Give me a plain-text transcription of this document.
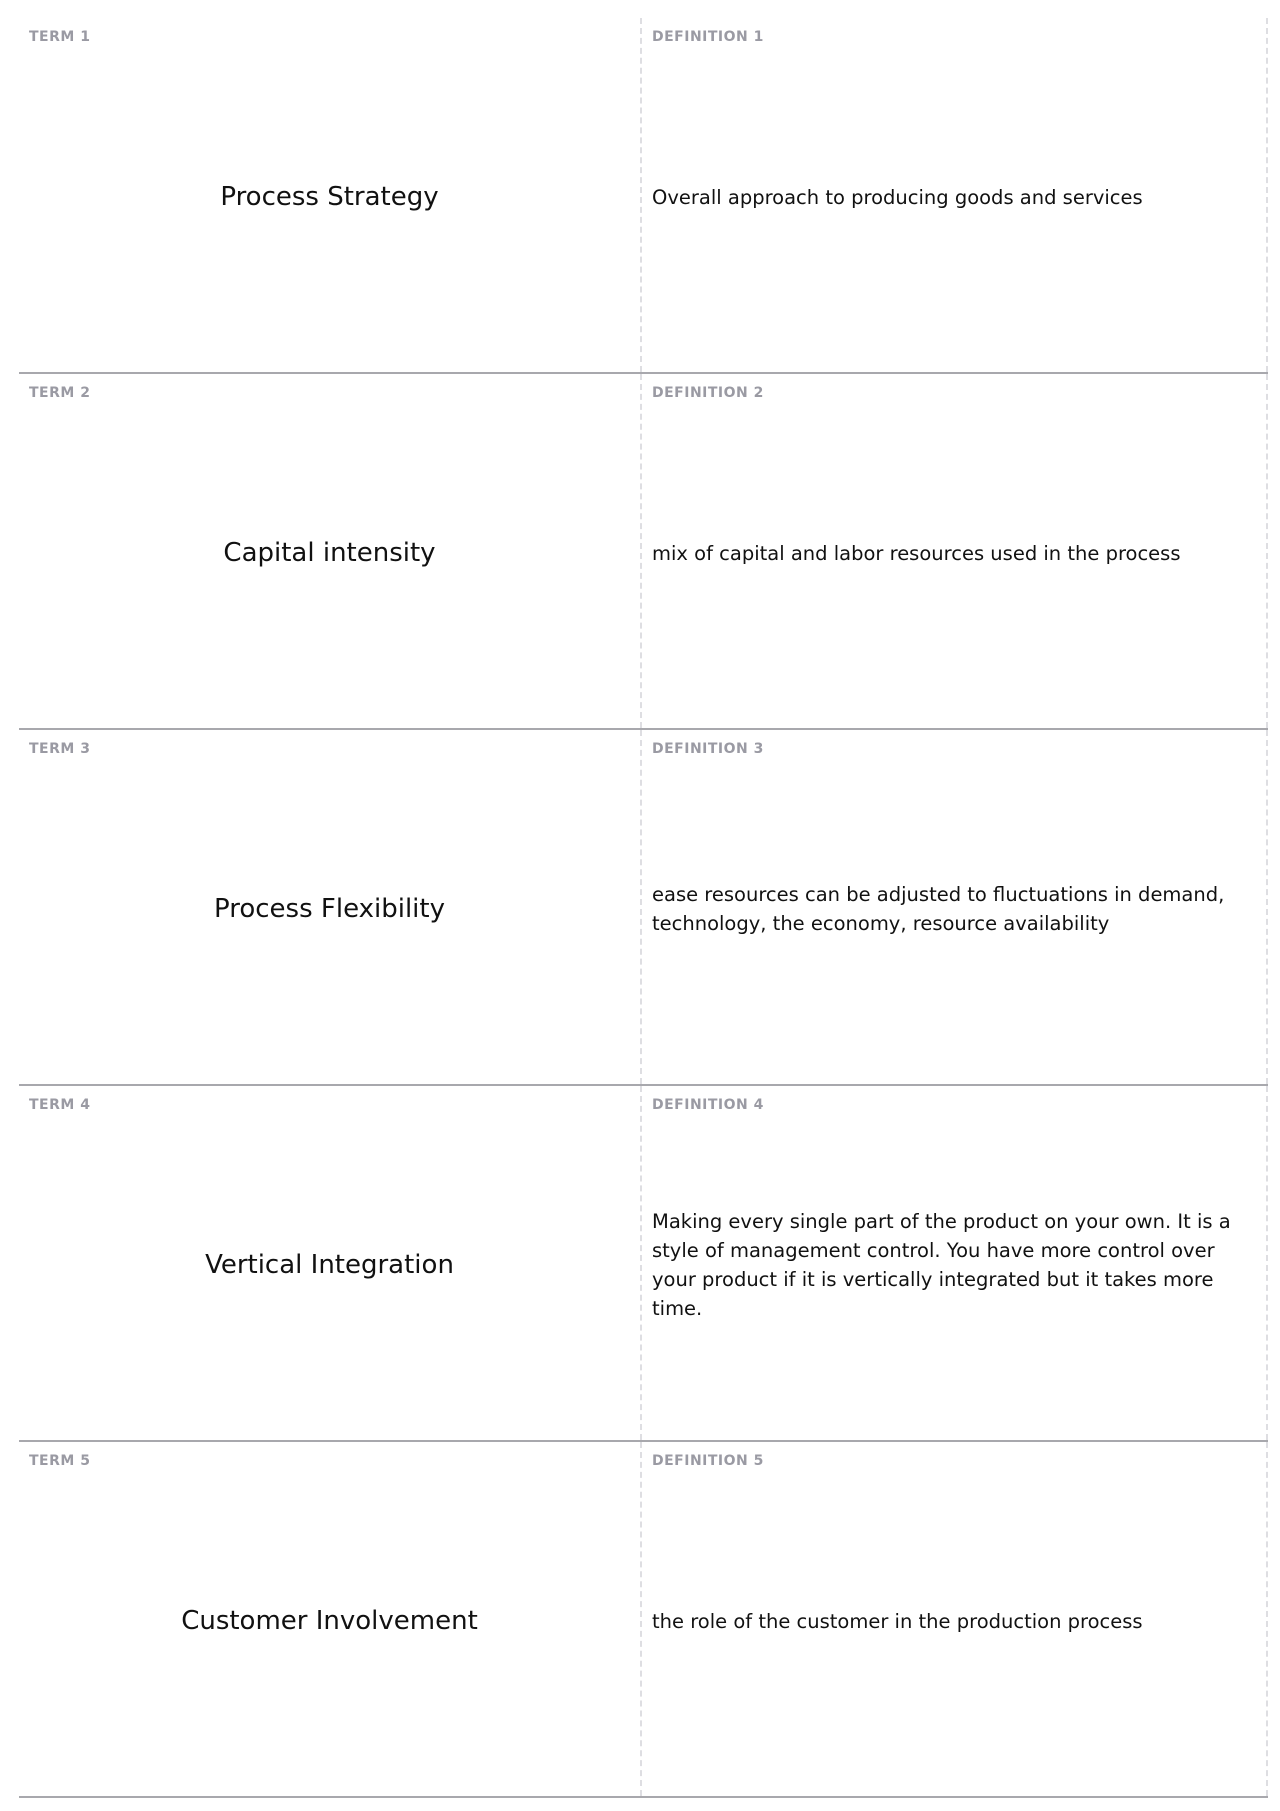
TERM 1
Process Strategy
DEFINITION 1
Overall approach to producing goods and services
TERM 2
Capital intensity
DEFINITION 2
mix of capital and labor resources used in the process
TERM 3
Process Flexibility
DEFINITION 3
ease resources can be adjusted to fluctuations in demand, technology, the economy, resource availability
TERM 4
Vertical Integration
DEFINITION 4
Making every single part of the product on your own. It is a style of management control. You have more control over your product if it is vertically integrated but it takes more time.
TERM 5
Customer Involvement
DEFINITION 5
the role of the customer in the production process
